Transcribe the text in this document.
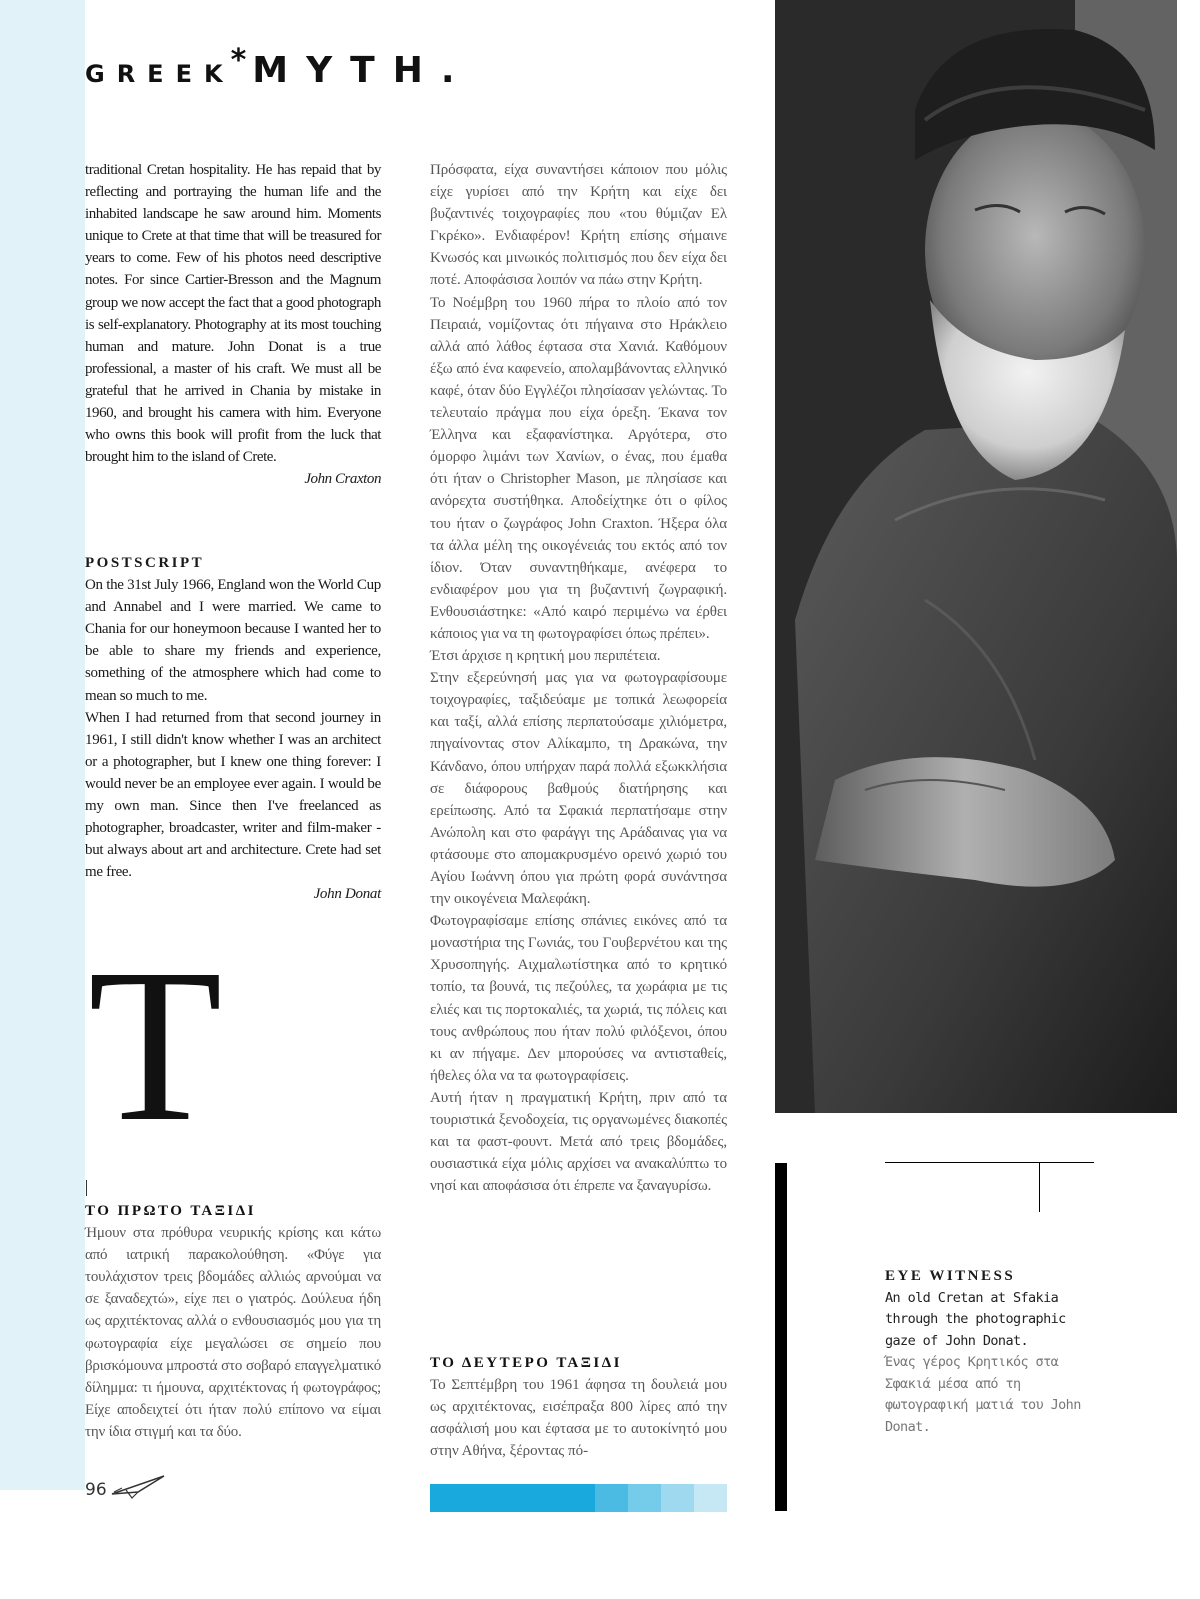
GREEK* MYTH.

traditional Cretan hospitality. He has repaid that by reflecting and portraying the human life and the inhabited landscape he saw around him. Moments unique to Crete at that time that will be treasured for years to come. Few of his photos need descriptive notes. For since Cartier-Bresson and the Magnum group we now accept the fact that a good photograph is self-explanatory. Photography at its most touching human and mature. John Donat is a true professional, a master of his craft. We must all be grateful that he arrived in Chania by mistake in 1960, and brought his camera with him. Everyone who owns this book will profit from the luck that brought him to the island of Crete.

John Craxton

POSTSCRIPT

On the 31st July 1966, England won the World Cup and Annabel and I were married. We came to Chania for our honeymoon because I wanted her to be able to share my friends and experience, something of the atmosphere which had come to mean so much to me.

When I had returned from that second journey in 1961, I still didn't know whether I was an architect or a photographer, but I knew one thing forever: I would never be an employee ever again. I would be my own man. Since then I've freelanced as photographer, broadcaster, writer and film-maker - but always about art and architecture. Crete had set me free.

John Donat

T

ΤΟ ΠΡΩΤΟ ΤΑΞΙΔΙ

Ήμουν στα πρόθυρα νευρικής κρίσης και κάτω από ιατρική παρακολούθηση. «Φύγε για τουλάχιστον τρεις βδομάδες αλλιώς αρνούμαι να σε ξαναδεχτώ», είχε πει ο γιατρός. Δούλευα ήδη ως αρχιτέκτονας αλλά ο ενθουσιασμός μου για τη φωτογραφία είχε μεγαλώσει σε σημείο που βρισκόμουνα μπροστά στο σοβαρό επαγγελματικό δίλημμα: τι ήμουνα, αρχιτέκτονας ή φωτογράφος; Είχε αποδειχτεί ότι ήταν πολύ επίπονο να είμαι την ίδια στιγμή και τα δύο.

Πρόσφατα, είχα συναντήσει κάποιον που μόλις είχε γυρίσει από την Κρήτη και είχε δει βυζαντινές τοιχογραφίες που «του θύμιζαν Ελ Γκρέκο». Ενδιαφέρον! Κρήτη επίσης σήμαινε Κνωσός και μινωικός πολιτισμός που δεν είχα δει ποτέ. Αποφάσισα λοιπόν να πάω στην Κρήτη.

Το Νοέμβρη του 1960 πήρα το πλοίο από τον Πειραιά, νομίζοντας ότι πήγαινα στο Ηράκλειο αλλά από λάθος έφτασα στα Χανιά. Καθόμουν έξω από ένα καφενείο, απολαμβάνοντας ελληνικό καφέ, όταν δύο Εγγλέζοι πλησίασαν γελώντας. Το τελευταίο πράγμα που είχα όρεξη. Έκανα τον Έλληνα και εξαφανίστηκα. Αργότερα, στο όμορφο λιμάνι των Χανίων, ο ένας, που έμαθα ότι ήταν ο Christopher Mason, με πλησίασε και ανόρεχτα συστήθηκα. Αποδείχτηκε ότι ο φίλος του ήταν ο ζωγράφος John Craxton. Ήξερα όλα τα άλλα μέλη της οικογένειάς του εκτός από τον ίδιον. Όταν συναντηθήκαμε, ανέφερα το ενδιαφέρον μου για τη βυζαντινή ζωγραφική. Ενθουσιάστηκε: «Από καιρό περιμένω να έρθει κάποιος για να τη φωτογραφίσει όπως πρέπει».

Έτσι άρχισε η κρητική μου περιπέτεια.

Στην εξερεύνησή μας για να φωτογραφίσουμε τοιχογραφίες, ταξιδεύαμε με τοπικά λεωφορεία και ταξί, αλλά επίσης περπατούσαμε χιλιόμετρα, πηγαίνοντας στον Αλίκαμπο, τη Δρακώνα, την Κάνδανο, όπου υπήρχαν παρά πολλά εξωκκλήσια σε διάφορους βαθμούς διατήρησης και ερείπωσης. Από τα Σφακιά περπατήσαμε στην Ανώπολη και στο φαράγγι της Αράδαινας για να φτάσουμε στο απομακρυσμένο ορεινό χωριό του Αγίου Ιωάννη όπου για πρώτη φορά συνάντησα την οικογένεια Μαλεφάκη.

Φωτογραφίσαμε επίσης σπάνιες εικόνες από τα μοναστήρια της Γωνιάς, του Γουβερνέτου και της Χρυσοπηγής. Αιχμαλωτίστηκα από το κρητικό τοπίο, τα βουνά, τις πεζούλες, τα χωράφια με τις ελιές και τις πορτοκαλιές, τα χωριά, τις πόλεις και τους ανθρώπους που ήταν πολύ φιλόξενοι, όπου κι αν πήγαμε. Δεν μπορούσες να αντισταθείς, ήθελες όλα να τα φωτογραφίσεις.

Αυτή ήταν η πραγματική Κρήτη, πριν από τα τουριστικά ξενοδοχεία, τις οργανωμένες διακοπές και τα φαστ-φουντ. Μετά από τρεις βδομάδες, ουσιαστικά είχα μόλις αρχίσει να ανακαλύπτω το νησί και αποφάσισα ότι έπρεπε να ξαναγυρίσω.

ΤΟ ΔΕΥΤΕΡΟ ΤΑΞΙΔΙ

Το Σεπτέμβρη του 1961 άφησα τη δουλειά μου ως αρχιτέκτονας, εισέπραξα 800 λίρες από την ασφάλισή μου και έφτασα με το αυτοκίνητό μου στην Αθήνα, ξέροντας πό-

EYE WITNESS
An old Cretan at Sfakia through the photographic gaze of John Donat.
Ένας γέρος Κρητικός στα Σφακιά μέσα από τη φωτογραφική ματιά του John Donat.
96
